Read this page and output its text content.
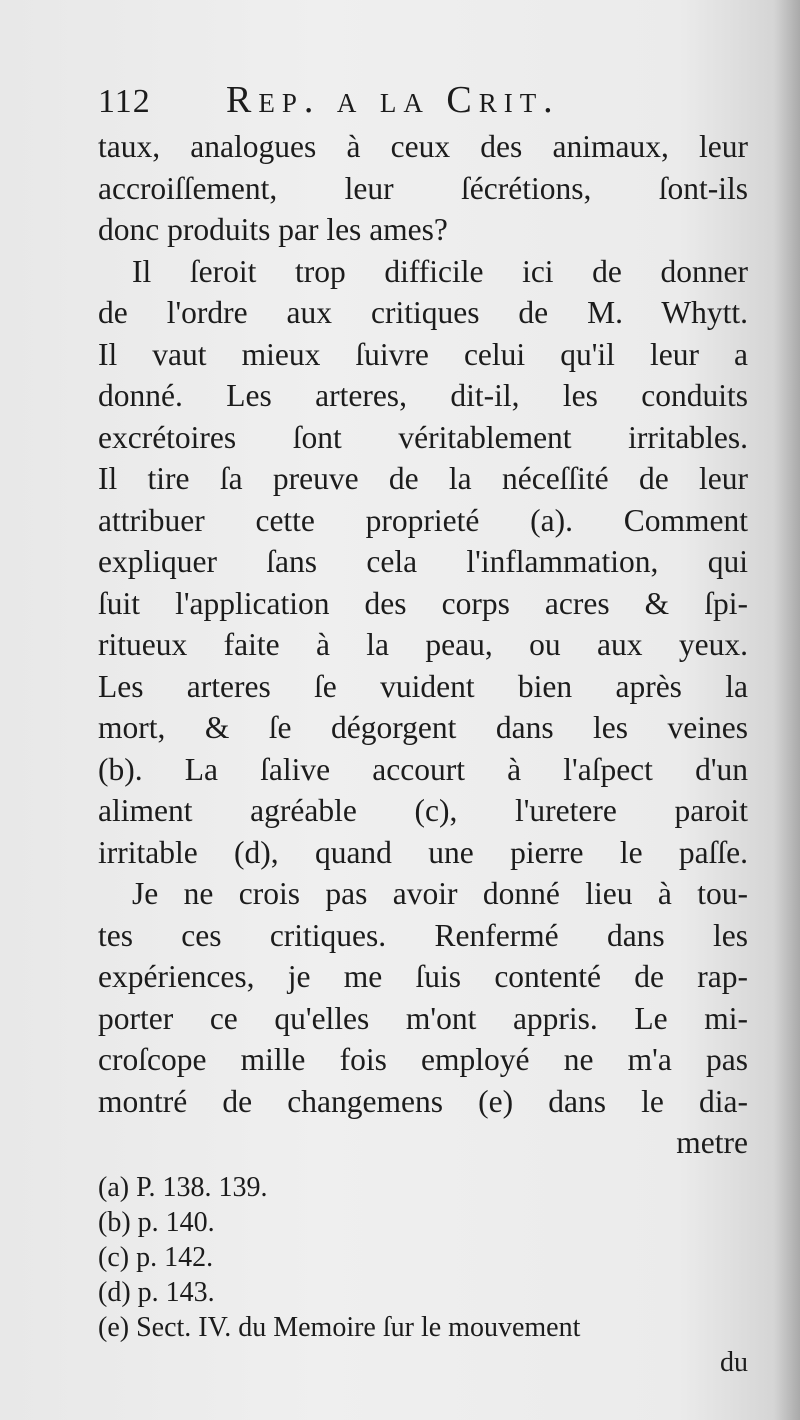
112	Rep. a la Crit.
taux, analogues à ceux des animaux, leur
accroiſſement, leur ſécrétions, ſont-ils
donc produits par les ames?
Il ſeroit trop difficile ici de donner
de l'ordre aux critiques de M. Whytt.
Il vaut mieux ſuivre celui qu'il leur a
donné. Les arteres, dit-il, les conduits
excrétoires ſont véritablement irritables.
Il tire ſa preuve de la néceſſité de leur
attribuer cette proprieté (a). Comment
expliquer ſans cela l'inflammation, qui
ſuit l'application des corps acres & ſpi-
ritueux faite à la peau, ou aux yeux.
Les arteres ſe vuident bien après la
mort, & ſe dégorgent dans les veines
(b). La ſalive accourt à l'aſpect d'un
aliment agréable (c), l'uretere paroit
irritable (d), quand une pierre le paſſe.
Je ne crois pas avoir donné lieu à tou-
tes ces critiques. Renfermé dans les
expériences, je me ſuis contenté de rap-
porter ce qu'elles m'ont appris. Le mi-
croſcope mille fois employé ne m'a pas
montré de changemens (e) dans le dia-
metre
(a) P. 138. 139.
(b) p. 140.
(c) p. 142.
(d) p. 143.
(e) Sect. IV. du Memoire ſur le mouvement
du
